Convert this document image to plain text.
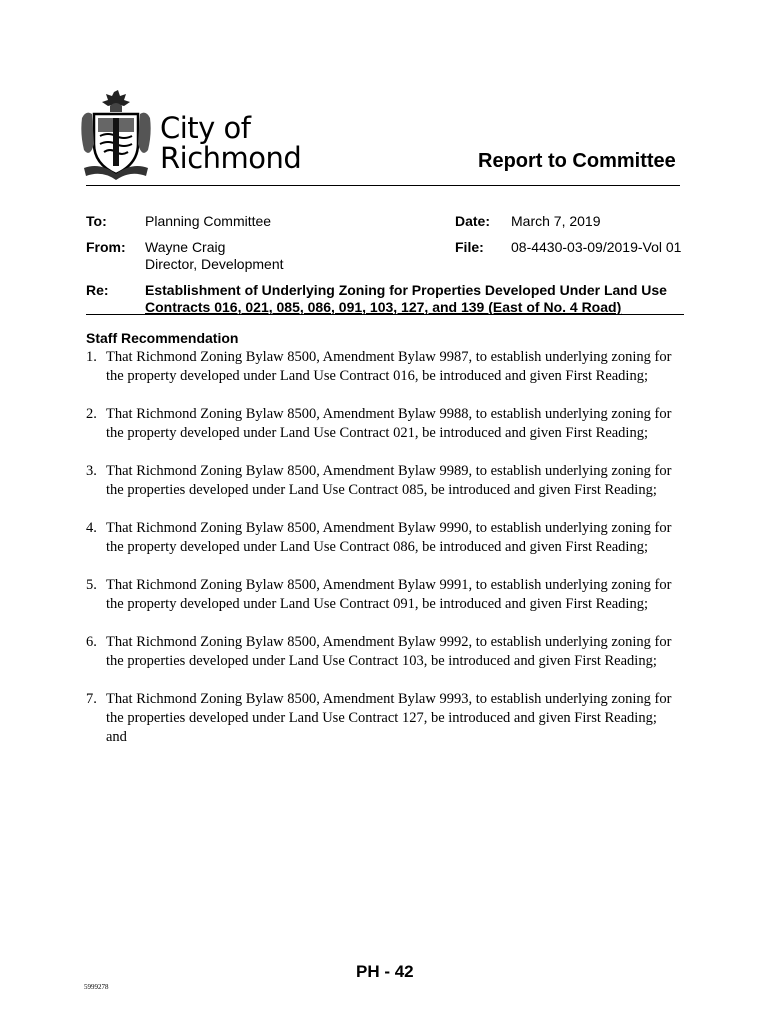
City of
Richmond	Report to Committee
To:	Planning Committee	Date: March 7, 2019
From: Wayne Craig
Director, Development
File: 08-4430-03-09/2019-Vol 01
Re:	Establishment of Underlying Zoning for Properties Developed Under Land Use
Contracts 016, 021, 085, 086, 091, 103, 127, and 139 (East of No. 4 Road)
Staff Recommendation
1. That Richmond Zoning Bylaw 8500, Amendment Bylaw 9987, to establish underlying zoning for the property developed under Land Use Contract 016, be introduced and given First Reading;
2. That Richmond Zoning Bylaw 8500, Amendment Bylaw 9988, to establish underlying zoning for the property developed under Land Use Contract 021, be introduced and given First Reading;
3. That Richmond Zoning Bylaw 8500, Amendment Bylaw 9989, to establish underlying zoning for the properties developed under Land Use Contract 085, be introduced and given First Reading;
4. That Richmond Zoning Bylaw 8500, Amendment Bylaw 9990, to establish underlying zoning for the property developed under Land Use Contract 086, be introduced and given First Reading;
5. That Richmond Zoning Bylaw 8500, Amendment Bylaw 9991, to establish underlying zoning for the property developed under Land Use Contract 091, be introduced and given First Reading;
6. That Richmond Zoning Bylaw 8500, Amendment Bylaw 9992, to establish underlying zoning for the properties developed under Land Use Contract 103, be introduced and given First Reading;
7. That Richmond Zoning Bylaw 8500, Amendment Bylaw 9993, to establish underlying zoning for the properties developed under Land Use Contract 127, be introduced and given First Reading; and
PH - 42
5999278
